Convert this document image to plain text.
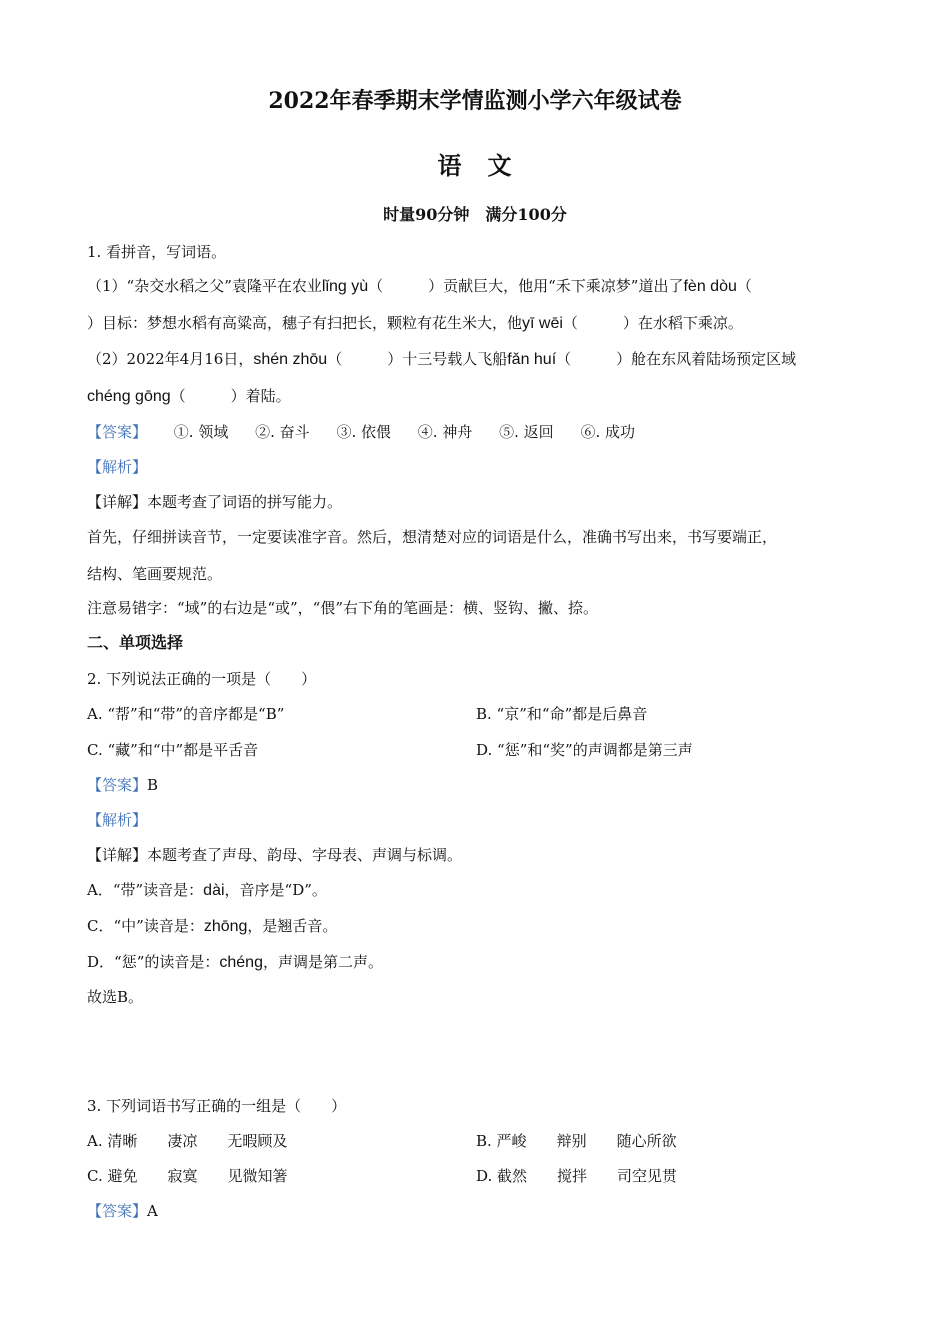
2022年春季期末学情监测小学六年级试卷
语　文
时量90分钟　满分100分
1. 看拼音，写词语。
（1）“杂交水稻之父”袁隆平在农业lǐng yù（　　　）贡献巨大，他用“禾下乘凉梦”道出了fèn dòu（
）目标：梦想水稻有高粱高，穗子有扫把长，颗粒有花生米大，他yī wēi（　　　）在水稻下乘凉。
（2）2022年4月16日，shén zhōu（　　　）十三号载人飞船fǎn huí（　　　）舱在东风着陆场预定区域
chéng gōng（　　　）着陆。
【答案】 ①. 领域 ②. 奋斗 ③. 依偎 ④. 神舟 ⑤. 返回 ⑥. 成功
【解析】
【详解】本题考查了词语的拼写能力。
首先，仔细拼读音节，一定要读准字音。然后，想清楚对应的词语是什么，准确书写出来，书写要端正，
结构、笔画要规范。
注意易错字：“域”的右边是“或”，“偎”右下角的笔画是：横、竖钩、撇、捺。
二、单项选择
2. 下列说法正确的一项是（　　）
A. “帮”和“带”的音序都是“B”	B. “京”和“命”都是后鼻音
C. “藏”和“中”都是平舌音	D. “惩”和“奖”的声调都是第三声
【答案】B
【解析】
【详解】本题考查了声母、韵母、字母表、声调与标调。
A．“带”读音是：dài，音序是“D”。
C．“中”读音是：zhōng，是翘舌音。
D．“惩”的读音是：chéng，声调是第二声。
故选B。
3. 下列词语书写正确的一组是（　　）
A. 清晰 凄凉 无暇顾及	B. 严峻 辩别 随心所欲
C. 避免 寂寞 见微知箸	D. 截然 搅拌 司空见贯
【答案】A
